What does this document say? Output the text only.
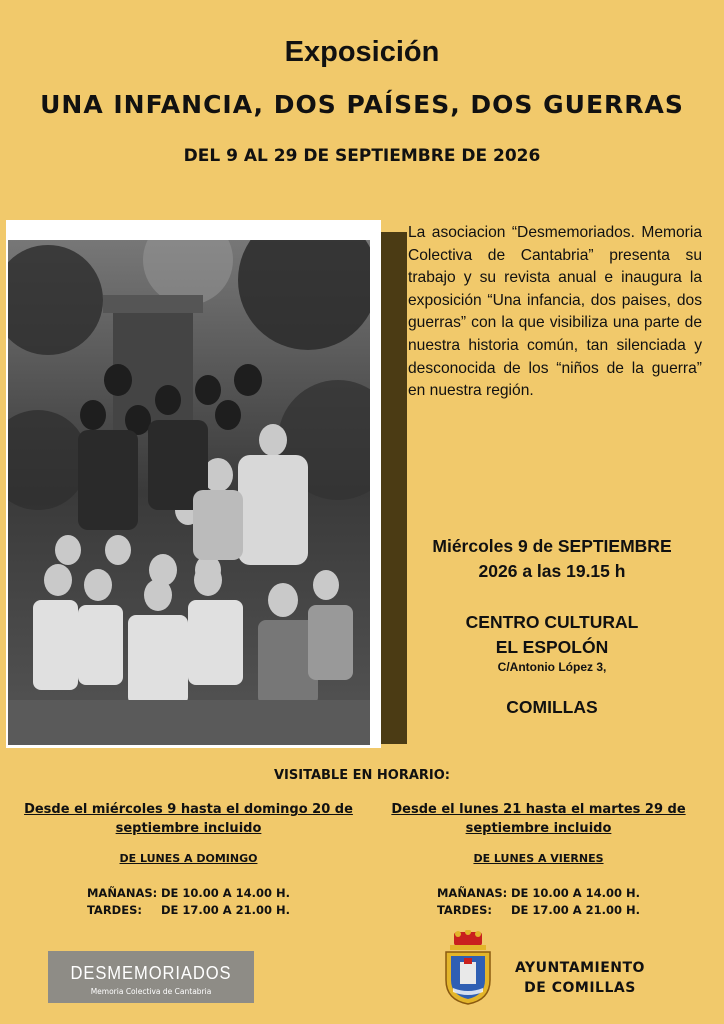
Exposición
UNA INFANCIA, DOS PAÍSES, DOS GUERRAS
DEL 9 AL 29 DE SEPTIEMBRE DE 2026
La asociacion “Desmemoriados. Memoria Colectiva de Cantabria” presenta su trabajo y su revista anual e inaugura la exposición “Una infancia, dos paises, dos guerras” con la que visibiliza una parte de nuestra historia común, tan silenciada y desconocida de los “niños de la guerra” en nuestra región.
Miércoles 9 de SEPTIEMBRE
2026 a las 19.15 h
CENTRO CULTURAL
EL ESPOLÓN
C/Antonio López 3,
COMILLAS
VISITABLE EN HORARIO:
Desde el miércoles 9 hasta el domingo 20 de
septiembre incluido
DE LUNES A DOMINGO
MAÑANAS: DE 10.00 A 14.00 H.
TARDES: DE 17.00 A 21.00 H.
Desde el lunes 21 hasta el martes 29 de
septiembre incluido
DE LUNES A VIERNES
MAÑANAS: DE 10.00 A 14.00 H.
TARDES: DE 17.00 A 21.00 H.
DESMEMORIADOS
Memoria Colectiva de Cantabria
AYUNTAMIENTO
DE COMILLAS
